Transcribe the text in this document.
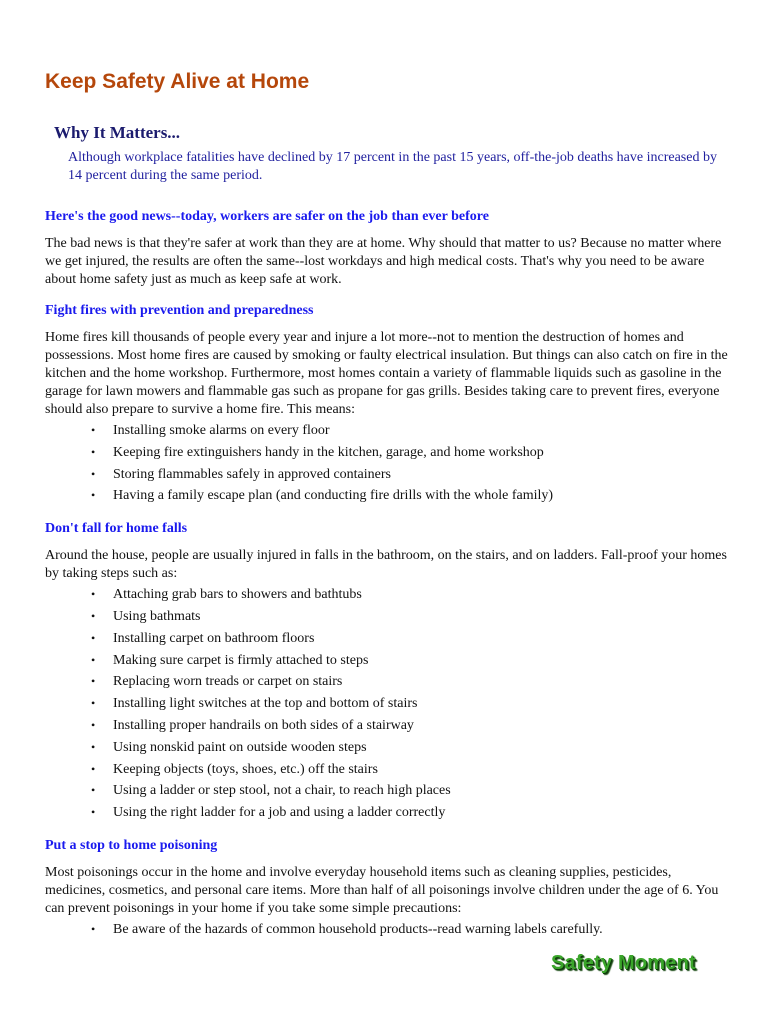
Keep Safety Alive at Home
Why It Matters...

Although workplace fatalities have declined by 17 percent in the past 15 years, off-the-job deaths have increased by 14 percent during the same period.

Here's the good news--today, workers are safer on the job than ever before

The bad news is that they're safer at work than they are at home. Why should that matter to us? Because no matter where we get injured, the results are often the same--lost workdays and high medical costs. That's why you need to be aware about home safety just as much as keep safe at work.

Fight fires with prevention and preparedness

Home fires kill thousands of people every year and injure a lot more--not to mention the destruction of homes and possessions. Most home fires are caused by smoking or faulty electrical insulation. But things can also catch on fire in the kitchen and the home workshop. Furthermore, most homes contain a variety of flammable liquids such as gasoline in the garage for lawn mowers and flammable gas such as propane for gas grills. Besides taking care to prevent fires, everyone should also prepare to survive a home fire. This means:

• Installing smoke alarms on every floor
• Keeping fire extinguishers handy in the kitchen, garage, and home workshop
• Storing flammables safely in approved containers
• Having a family escape plan (and conducting fire drills with the whole family)
Don't fall for home falls

Around the house, people are usually injured in falls in the bathroom, on the stairs, and on ladders. Fall-proof your homes by taking steps such as:

• Attaching grab bars to showers and bathtubs
• Using bathmats
• Installing carpet on bathroom floors
• Making sure carpet is firmly attached to steps
• Replacing worn treads or carpet on stairs
• Installing light switches at the top and bottom of stairs
• Installing proper handrails on both sides of a stairway
• Using nonskid paint on outside wooden steps
• Keeping objects (toys, shoes, etc.) off the stairs
• Using a ladder or step stool, not a chair, to reach high places
• Using the right ladder for a job and using a ladder correctly
Put a stop to home poisoning

Most poisonings occur in the home and involve everyday household items such as cleaning supplies, pesticides, medicines, cosmetics, and personal care items. More than half of all poisonings involve children under the age of 6. You can prevent poisonings in your home if you take some simple precautions:

• Be aware of the hazards of common household products--read warning labels carefully.
Safety Moment
